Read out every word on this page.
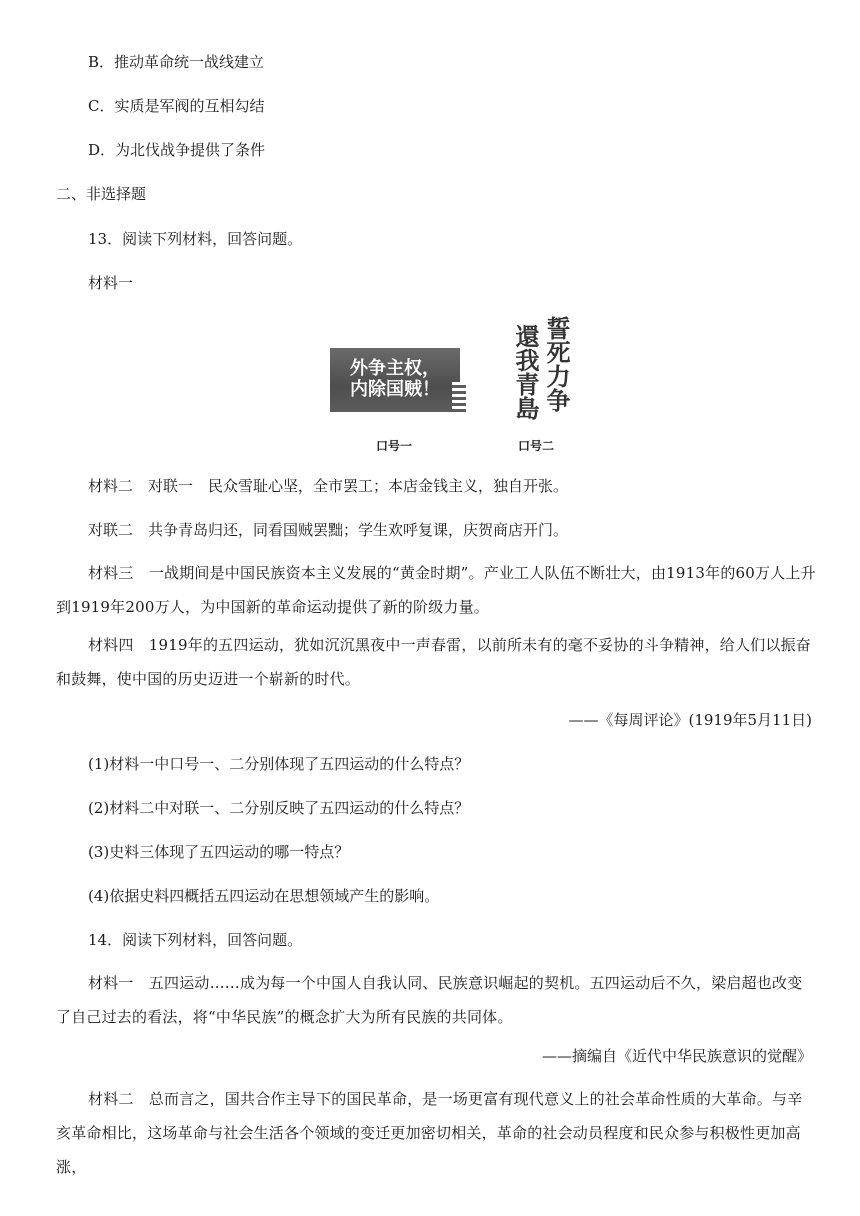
B．推动革命统一战线建立
C．实质是军阀的互相勾结
D．为北伐战争提供了条件
二、非选择题
13．阅读下列材料，回答问题。
材料一
外争主权，
内除国贼！	誓死力争
還我青島
口号一	口号二
材料二　对联一　民众雪耻心坚，全市罢工；本店金钱主义，独自开张。
对联二　共争青岛归还，同看国贼罢黜；学生欢呼复课，庆贺商店开门。
材料三　一战期间是中国民族资本主义发展的“黄金时期”。产业工人队伍不断壮大，由1913年的60万人上升到1919年200万人，为中国新的革命运动提供了新的阶级力量。
材料四　1919年的五四运动，犹如沉沉黑夜中一声春雷，以前所未有的毫不妥协的斗争精神，给人们以振奋和鼓舞，使中国的历史迈进一个崭新的时代。
——《每周评论》(1919年5月11日)
(1)材料一中口号一、二分别体现了五四运动的什么特点？
(2)材料二中对联一、二分别反映了五四运动的什么特点？
(3)史料三体现了五四运动的哪一特点？
(4)依据史料四概括五四运动在思想领域产生的影响。
14．阅读下列材料，回答问题。
材料一　五四运动……成为每一个中国人自我认同、民族意识崛起的契机。五四运动后不久，梁启超也改变了自己过去的看法，将“中华民族”的概念扩大为所有民族的共同体。
——摘编自《近代中华民族意识的觉醒》
材料二　总而言之，国共合作主导下的国民革命，是一场更富有现代意义上的社会革命性质的大革命。与辛亥革命相比，这场革命与社会生活各个领域的变迁更加密切相关，革命的社会动员程度和民众参与积极性更加高涨，
